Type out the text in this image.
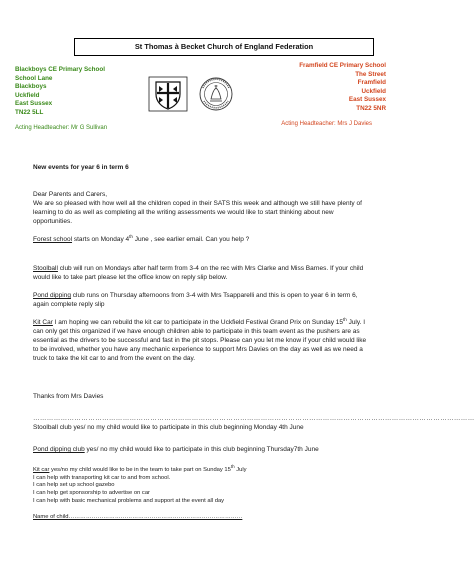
St Thomas à Becket Church of England Federation
Blackboys CE Primary School
School Lane
Blackboys
Uckfield
East Sussex
TN22 5LL
Framfield CE Primary School
The Street
Framfield
Uckfield
East Sussex
TN22 5NR
Acting Headteacher: Mr G Sullivan
Acting Headteacher: Mrs J Davies

New events for year 6 in term 6

Dear Parents and Carers,

We are so pleased with how well all the children coped in their SATS this week and although we still have plenty of learning to do as well as completing all the writing assessments we would like to start thinking about new opportunities.

Forest school starts on Monday 4th June , see earlier email. Can you help ?

Stoolball club will run on Mondays after half term from 3-4 on the rec with Mrs Clarke and Miss Barnes. If your child would like to take part please let the office know on reply slip below.

Pond dipping club runs on Thursday afternoons from 3-4 with Mrs Tsapparelli and this is open to year 6 in term 6, again complete reply slip

Kit Car I am hoping we can rebuild the kit car to participate in the Uckfield Festival Grand Prix on Sunday 15th July. I can only get this organized if we have enough children able to participate in this team event as the pushers are as essential as the drivers to be successful and fast in the pit stops. Please can you let me know if your child would like to be involved, whether you have any mechanic experience to support Mrs Davies on the day as well as we need a truck to take the kit car to and from the event on the day.

Thanks from Mrs Davies

…………………………………………………………………………………………………………………………………………………………………………

Stoolball club yes/ no my child would like to participate in this club beginning Monday 4th June

Pond dipping club yes/ no my child would like to participate in this club beginning Thursday7th June

Kit car yes/no my child would like to be in the team to take part on Sunday 15th July

I can help with transporting kit car to and from school.

I can help set up school gazebo

I can help get sponsorship to advertise on car

I can help with basic mechanical problems and support at the event all day

Name of child………………………………………………………………………………
